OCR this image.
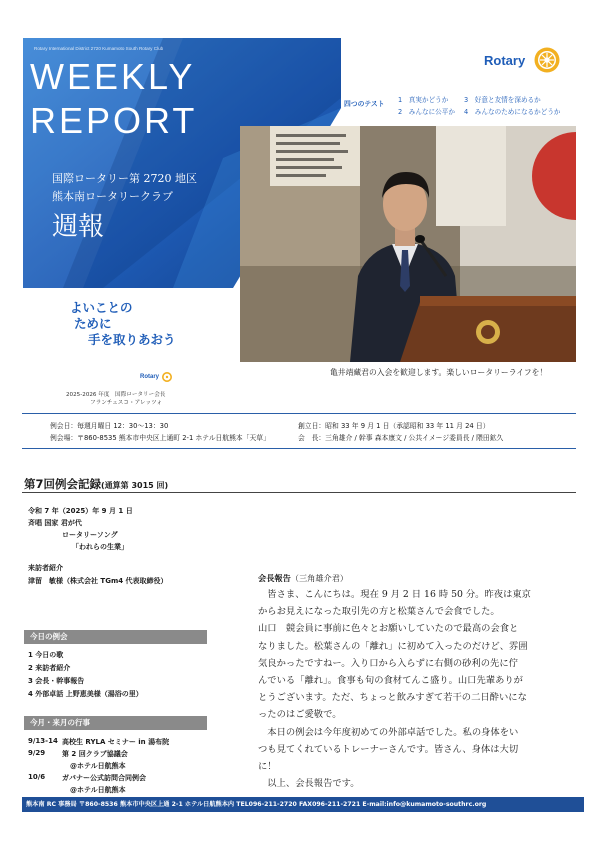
Rotary International District 2720 Kumamoto South Rotary Club
WEEKLY
REPORT
国際ロータリー第 2720 地区
熊本南ロータリークラブ
週報
よいことの
ために
手を取りあおう
Rotary
2025-2026 年度　国際ロータリー会長
フランチェスコ・アレッツォ
Rotary
四つのテスト 1　真実かどうか
2　みんなに公平か
3　好意と友情を深めるか
4　みんなのためになるかどうか
亀井靖藏君の入会を歓迎します。楽しいロータリーライフを！
例会日：毎週月曜日 12：30〜13：30
例会場：〒860-8535 熊本市中央区上通町 2-1 ホテル日航熊本「天草」
創立日：昭和 33 年 9 月 1 日（承認昭和 33 年 11 月 24 日）
会　長：三角雄介 / 幹事 森本康文 / 公共イメージ委員長 / 隈田鉱久
第7回例会記録(通算第 3015 回)
令和 7 年（2025）年 9 月 1 日
斉唱 国家 君が代
ロータリーソング
「われらの生業」
来訪者紹介
津留　敏様（株式会社 TGm4 代表取締役）
今日の例会
1 今日の歌
2 来訪者紹介
3 会長・幹事報告
4 外部卓話 上野恵美様（湯浴の里）
今月・来月の行事
9/13-14 高校生 RYLA セミナー in 湯布院
9/29 第 2 回クラブ協議会
@ホテル日航熊本
10/6 ガバナー公式訪問合同例会
@ホテル日航熊本
会長報告（三角雄介君）

皆さま、こんにちは。現在 9 月 2 日 16 時 50 分。昨夜は東京

からお見えになった取引先の方と松葉さんで会食でした。

山口　競会員に事前に色々とお願いしていたので最高の会食と

なりました。松葉さんの「離れ」に初めて入ったのだけど、雰囲

気良かったですねー。入り口から入らずに右側の砂利の先に佇

んでいる「離れ」。食事も旬の食材てんこ盛り。山口先輩ありが

とうございます。ただ、ちょっと飲みすぎて若干の二日酔いにな

ったのはご愛敬で。

本日の例会は今年度初めての外部卓話でした。私の身体をい

つも見てくれているトレーナーさんです。皆さん、身体は大切

に！

以上、会長報告です。

熊本南 RC 事務局 〒860-8536 熊本市中央区上通 2-1 ホテル日航熊本内 TEL096-211-2720 FAX096-211-2721 E-mail:info@kumamoto-southrc.org
